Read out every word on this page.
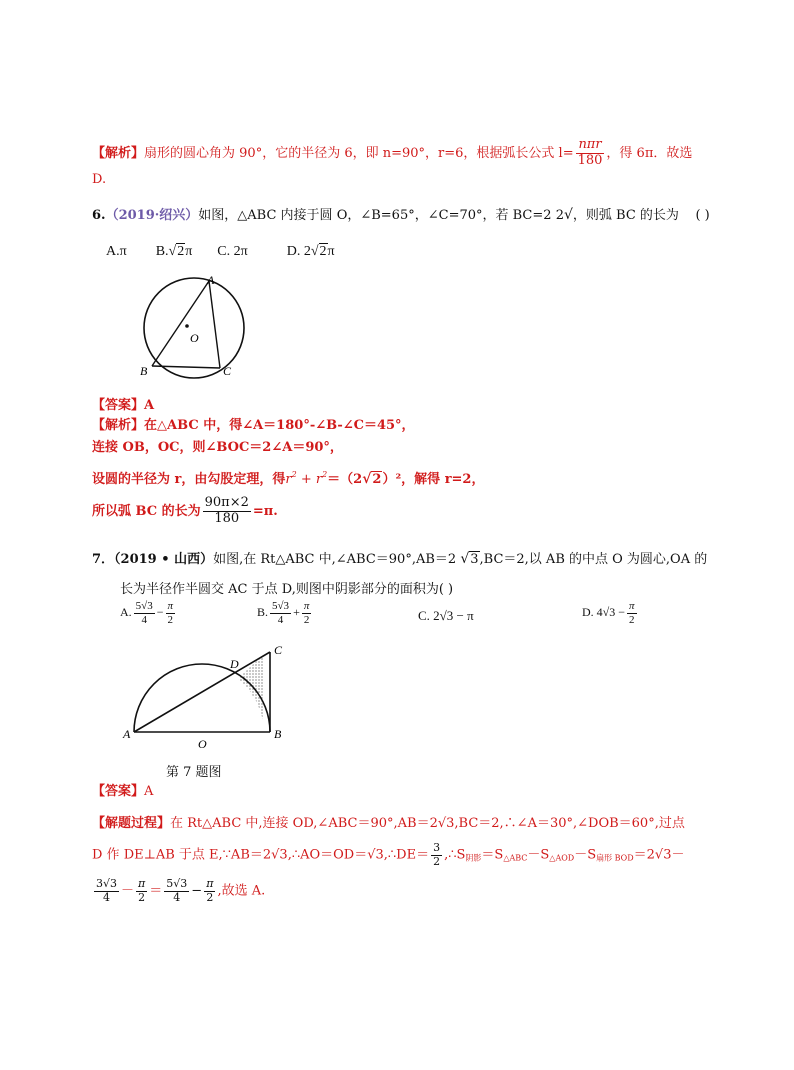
【解析】扇形的圆心角为 90°，它的半径为 6，即 n=90°，r=6，根据弧长公式 $l= \frac{\text{nπr}}{180}$ ，得 6π．故选
D.
6.（2019·绍兴）如图，△ABC 内接于圆 O，∠B=65°，∠C=70°，若 BC=2 2√，则弧 BC 的长为 ( )
A.π B.√2π C. 2π	D. 2√2π
A
B	C
O
【答案】A
【解析】在△ABC 中，得∠A＝180°-∠B-∠C＝45°，
连接 OB，OC，则∠BOC＝2∠A＝90°，
设圆的半径为 r，由勾股定理，得$r^2 + r^2=(2√2)^2$，解得 r=2，
所以弧 BC 的长为 $\frac{90\pi\times 2}{180} =\pi$.
7．（2019 • 山西）如图,在 Rt△ABC 中,∠ABC＝90°,AB＝2 √3,BC＝2,以 AB 的中点 O 为圆心,OA 的
长为半径作半圆交 AC 于点 D,则图中阴影部分的面积为( )
A. $\frac{5√3}{4} - \frac{\pi}{2}$	B. $\frac{5√3}{4} + \frac{\pi}{2}$	C. 2√3 − π	D. $4√3 - \frac{\pi}{2}$
A	B
C
D
O
第 7 题图
【答案】A
【解题过程】在 Rt△ABC 中,连接 OD,∠ABC＝90°,AB＝2√3,BC＝2,∴∠A＝30°,∠DOB＝60°,过点
D 作 DE⊥AB 于点 E,∵AB＝2√3,∴AO＝OD＝√3,∴DE＝ $\frac{3}{2}$ $,\therefore S_{阴影}=S_{\triangle ABC}-S_{\triangle AOD}-S_{扇形 BOD}=2√3-$
$\frac{3√3}{4} - \frac{\pi}{2} = \frac{5√3}{4} - \frac{\pi}{2}$ ,故选 A.
